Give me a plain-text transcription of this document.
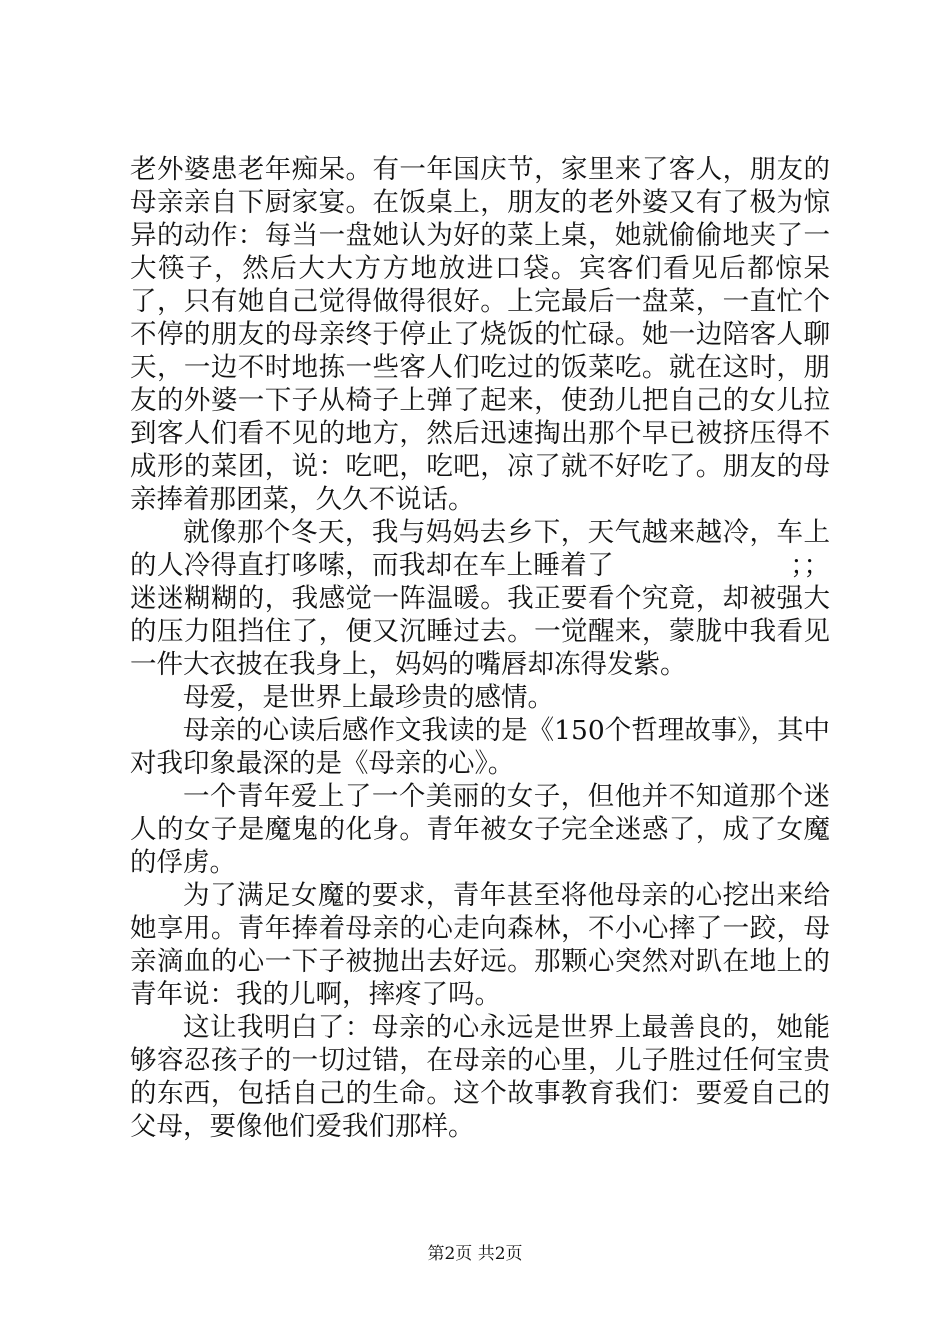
老外婆患老年痴呆。有一年国庆节，家里来了客人，朋友的母亲亲自下厨家宴。在饭桌上，朋友的老外婆又有了极为惊异的动作：每当一盘她认为好的菜上桌，她就偷偷地夹了一大筷子，然后大大方方地放进口袋。宾客们看见后都惊呆了，只有她自己觉得做得很好。上完最后一盘菜，一直忙个不停的朋友的母亲终于停止了烧饭的忙碌。她一边陪客人聊天，一边不时地拣一些客人们吃过的饭菜吃。就在这时，朋友的外婆一下子从椅子上弹了起来，使劲儿把自己的女儿拉到客人们看不见的地方，然后迅速掏出那个早已被挤压得不成形的菜团，说：吃吧，吃吧，凉了就不好吃了。朋友的母亲捧着那团菜，久久不说话。

就像那个冬天，我与妈妈去乡下，天气越来越冷，车上的人冷得直打哆嗦，而我却在车上睡着了                    ；；迷迷糊糊的，我感觉一阵温暖。我正要看个究竟，却被强大的压力阻挡住了，便又沉睡过去。一觉醒来，蒙胧中我看见一件大衣披在我身上，妈妈的嘴唇却冻得发紫。

母爱，是世界上最珍贵的感情。

母亲的心读后感作文我读的是《150个哲理故事》，其中对我印象最深的是《母亲的心》。

一个青年爱上了一个美丽的女子，但他并不知道那个迷人的女子是魔鬼的化身。青年被女子完全迷惑了，成了女魔的俘虏。

为了满足女魔的要求，青年甚至将他母亲的心挖出来给她享用。青年捧着母亲的心走向森林，不小心摔了一跤，母亲滴血的心一下子被抛出去好远。那颗心突然对趴在地上的青年说：我的儿啊，摔疼了吗。

这让我明白了：母亲的心永远是世界上最善良的，她能够容忍孩子的一切过错，在母亲的心里，儿子胜过任何宝贵的东西，包括自己的生命。这个故事教育我们：要爱自己的父母，要像他们爱我们那样。

第2页 共2页
